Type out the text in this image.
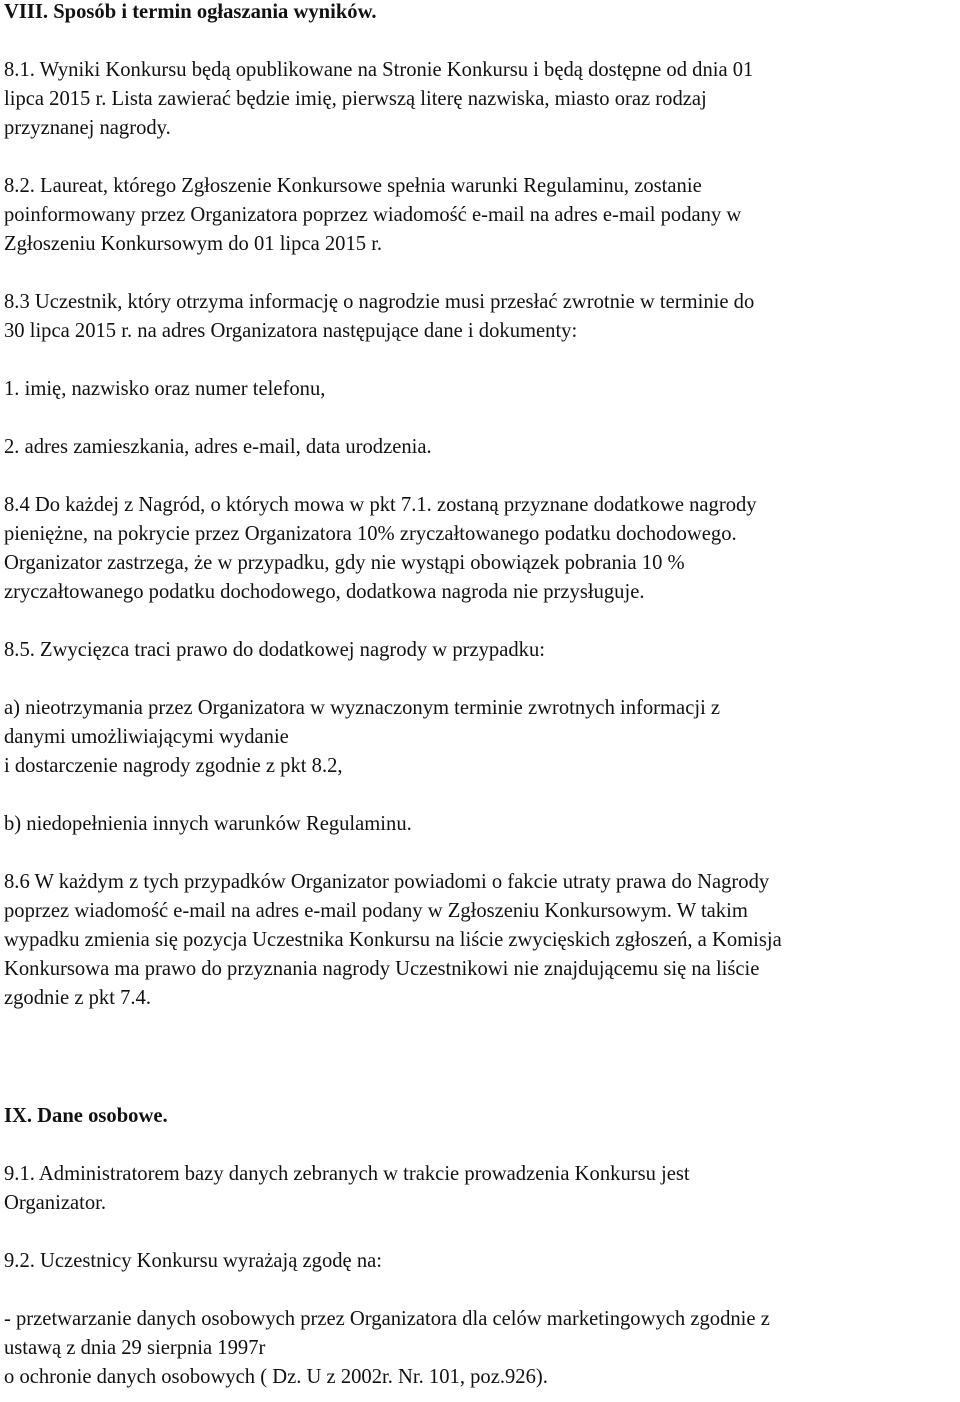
VIII. Sposób i termin ogłaszania wyników.
8.1. Wyniki Konkursu będą opublikowane na Stronie Konkursu i będą dostępne od dnia 01
lipca 2015 r. Lista zawierać będzie imię, pierwszą literę nazwiska, miasto oraz rodzaj
przyznanej nagrody.
8.2. Laureat, którego Zgłoszenie Konkursowe spełnia warunki Regulaminu, zostanie
poinformowany przez Organizatora poprzez wiadomość e-mail na adres e-mail podany w
Zgłoszeniu Konkursowym do 01 lipca 2015 r.
8.3 Uczestnik, który otrzyma informację o nagrodzie musi przesłać zwrotnie w terminie do
30 lipca 2015 r. na adres Organizatora następujące dane i dokumenty:
1. imię, nazwisko oraz numer telefonu,
2. adres zamieszkania, adres e-mail, data urodzenia.
8.4 Do każdej z Nagród, o których mowa w pkt 7.1. zostaną przyznane dodatkowe nagrody
pieniężne, na pokrycie przez Organizatora 10% zryczałtowanego podatku dochodowego.
Organizator zastrzega, że w przypadku, gdy nie wystąpi obowiązek pobrania 10 %
zryczałtowanego podatku dochodowego, dodatkowa nagroda nie przysługuje.
8.5. Zwycięzca traci prawo do dodatkowej nagrody w przypadku:
a) nieotrzymania przez Organizatora w wyznaczonym terminie zwrotnych informacji z
danymi umożliwiającymi wydanie
i dostarczenie nagrody zgodnie z pkt 8.2,
b) niedopełnienia innych warunków Regulaminu.
8.6 W każdym z tych przypadków Organizator powiadomi o fakcie utraty prawa do Nagrody
poprzez wiadomość e-mail na adres e-mail podany w Zgłoszeniu Konkursowym. W takim
wypadku zmienia się pozycja Uczestnika Konkursu na liście zwycięskich zgłoszeń, a Komisja
Konkursowa ma prawo do przyznania nagrody Uczestnikowi nie znajdującemu się na liście
zgodnie z pkt 7.4.
IX. Dane osobowe.
9.1. Administratorem bazy danych zebranych w trakcie prowadzenia Konkursu jest
Organizator.
9.2. Uczestnicy Konkursu wyrażają zgodę na:
- przetwarzanie danych osobowych przez Organizatora dla celów marketingowych zgodnie z
ustawą z dnia 29 sierpnia 1997r
o ochronie danych osobowych ( Dz. U z 2002r. Nr. 101, poz.926).
